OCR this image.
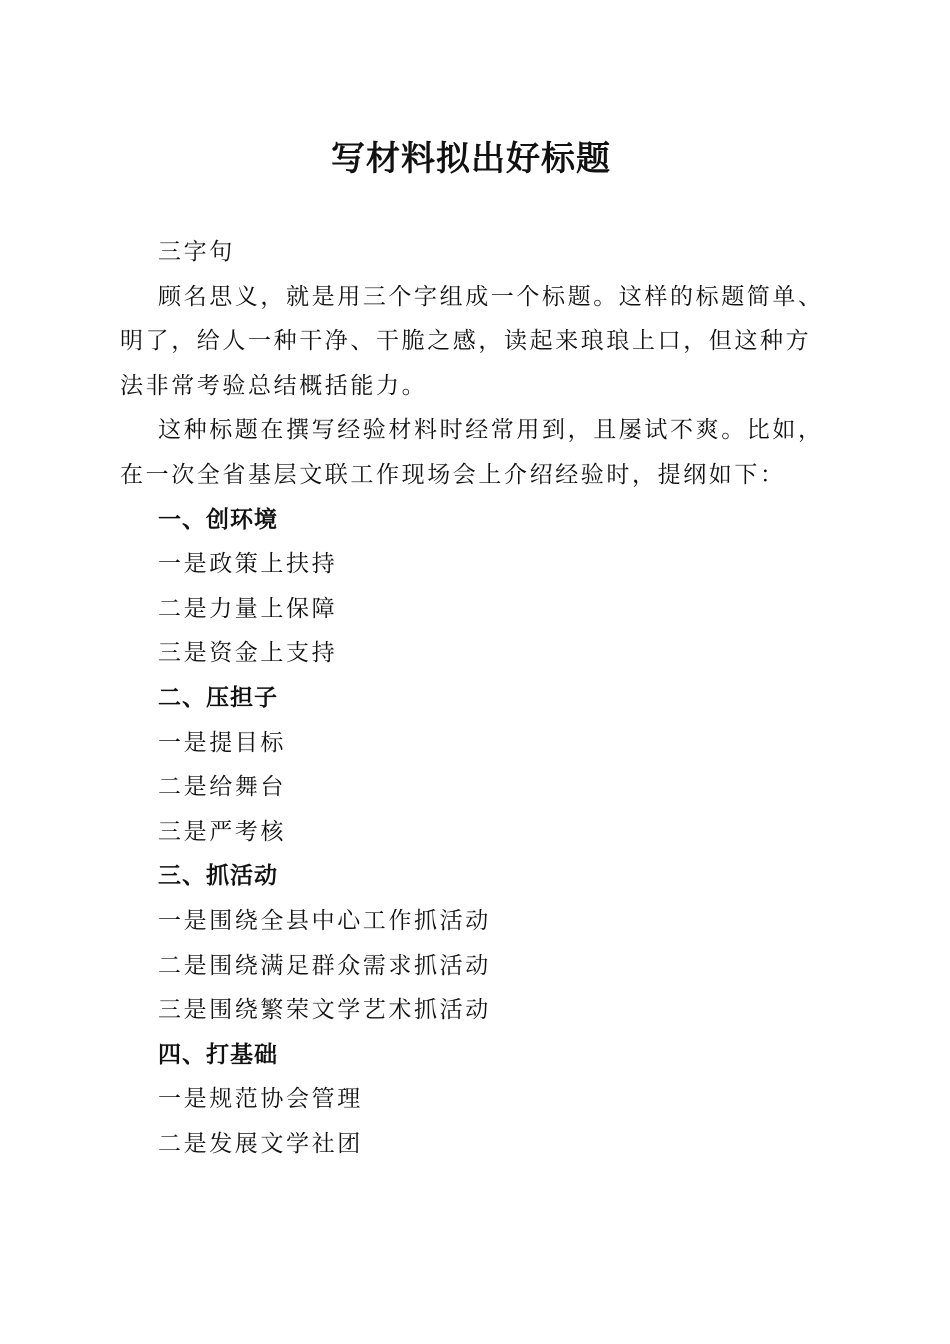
写材料拟出好标题

三字句

顾名思义，就是用三个字组成一个标题。这样的标题简单、明了，给人一种干净、干脆之感，读起来琅琅上口，但这种方法非常考验总结概括能力。

这种标题在撰写经验材料时经常用到，且屡试不爽。比如，在一次全省基层文联工作现场会上介绍经验时，提纲如下：

一、创环境
一是政策上扶持
二是力量上保障
三是资金上支持
二、压担子
一是提目标
二是给舞台
三是严考核
三、抓活动
一是围绕全县中心工作抓活动
二是围绕满足群众需求抓活动
三是围绕繁荣文学艺术抓活动
四、打基础
一是规范协会管理
二是发展文学社团
